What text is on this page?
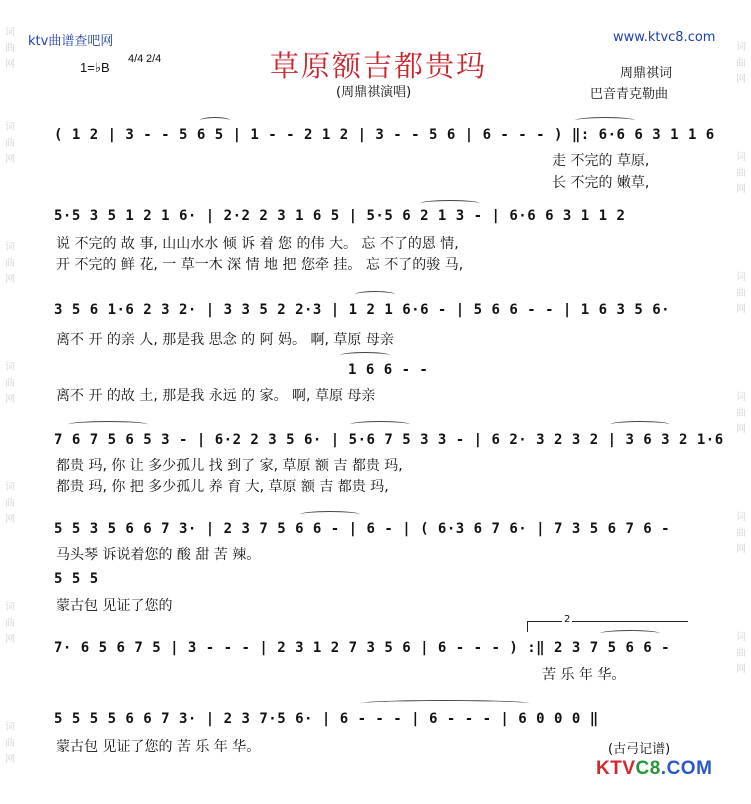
词曲网
词曲网
词曲网
词曲网
词曲网
词曲网
词曲网
词曲网
词曲网
词曲网
词曲网
词曲网
词曲网
ktv曲谱查吧网	www.ktvc8.com
草原额吉都贵玛
(周鼎祺演唱)
周鼎祺词
巴音青克勒曲
1=♭B
4/4 2/4
( 1 2 | 3 - - 5 6 5 | 1 - - 2 1 2 | 3 - - 5 6 | 6 - - - ) ‖: 6·6 6 3 1 1 6
走 不完的 草原,
长 不完的 嫩草,
5·5 3 5 1 2 1 6· | 2·2 2 3 1 6 5 | 5·5 6 2 1 3 - | 6·6 6 3 1 1 2
说 不完的 故 事, 山山水水 倾 诉 着 您 的伟 大。 忘 不了的恩 情,
开 不完的 鲜 花, 一 草一木 深 情 地 把 您牵 挂。 忘 不了的骏 马,
3 5 6 1·6 2 3 2· | 3 3 5 2 2·3 | 1 2 1 6·6 - | 5 6 6 - - | 1 6 3 5 6·
离不 开 的亲 人, 那是我 思念 的 阿 妈。 啊, 草原 母亲
1 6 6 - -
离不 开 的故 土, 那是我 永远 的 家。 啊, 草原 母亲
7 6 7 5 6 5 3 - | 6·2 2 3 5 6· | 5·6 7 5 3 3 - | 6 2· 3 2 3 2 | 3 6 3 2 1·6
都贵 玛, 你 让 多少孤儿 找 到了 家, 草原 额 吉 都贵 玛,
都贵 玛, 你 把 多少孤儿 养 育 大, 草原 额 吉 都贵 玛,
5 5 3 5 6 6 7 3· | 2 3 7 5 6 6 - | 6 - | ( 6·3 6 7 6· | 7 3 5 6 7 6 -
马头琴 诉说着您的 酸 甜 苦 辣。
5 5 5
蒙古包 见证了您的
7· 6 5 6 7 5 | 3 - - - | 2 3 1 2 7 3 5 6 | 6 - - - ) :‖ 2 3 7 5 6 6 -
2
苦 乐 年 华。
5 5 5 5 6 6 7 3· | 2 3 7·5 6· | 6 - - - | 6 - - - | 6 0 0 0 ‖
蒙古包 见证了您的 苦 乐 年 华。	(古弓记谱)
KTVC8.COM
